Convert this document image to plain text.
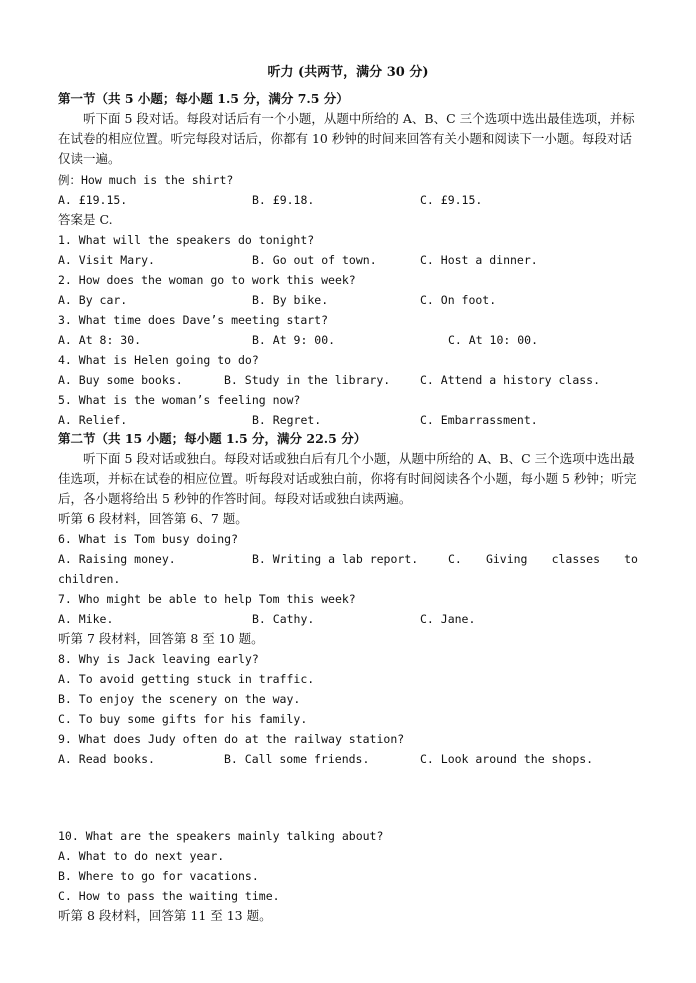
听力 (共两节，满分 30 分)
第一节（共 5 小题；每小题 1.5 分，满分 7.5 分）
听下面 5 段对话。每段对话后有一个小题，从题中所给的 A、B、C 三个选项中选出最佳选项，并标在试卷的相应位置。听完每段对话后，你都有 10 秒钟的时间来回答有关小题和阅读下一小题。每段对话仅读一遍。
例：How much is the shirt?
A. £19.15.	B. £9.18.	C. £9.15.
答案是 C.
1. What will the speakers do tonight?
A. Visit Mary.	B. Go out of town.	C. Host a dinner.
2. How does the woman go to work this week?
A. By car.	B. By bike.	C. On foot.
3. What time does Dave’s meeting start?
A. At 8: 30.	B. At 9: 00.	C. At 10: 00.
4. What is Helen going to do?
A. Buy some books.	B. Study in the library.	C. Attend a history class.
5. What is the woman’s feeling now?
A. Relief.	B. Regret.	C. Embarrassment.
第二节（共 15 小题；每小题 1.5 分，满分 22.5 分）
听下面 5 段对话或独白。每段对话或独白后有几个小题，从题中所给的 A、B、C 三个选项中选出最佳选项，并标在试卷的相应位置。听每段对话或独白前，你将有时间阅读各个小题，每小题 5 秒钟；听完后，各小题将给出 5 秒钟的作答时间。每段对话或独白读两遍。
听第 6 段材料，回答第 6、7 题。
6. What is Tom busy doing?
A. Raising money.	B. Writing a lab report.	C. Giving classes to
children.
7. Who might be able to help Tom this week?
A. Mike.	B. Cathy.	C. Jane.
听第 7 段材料，回答第 8 至 10 题。
8. Why is Jack leaving early?
A. To avoid getting stuck in traffic.
B. To enjoy the scenery on the way.
C. To buy some gifts for his family.
9. What does Judy often do at the railway station?
A. Read books.	B. Call some friends.	C. Look around the shops.
10. What are the speakers mainly talking about?
A. What to do next year.
B. Where to go for vacations.
C. How to pass the waiting time.
听第 8 段材料，回答第 11 至 13 题。
